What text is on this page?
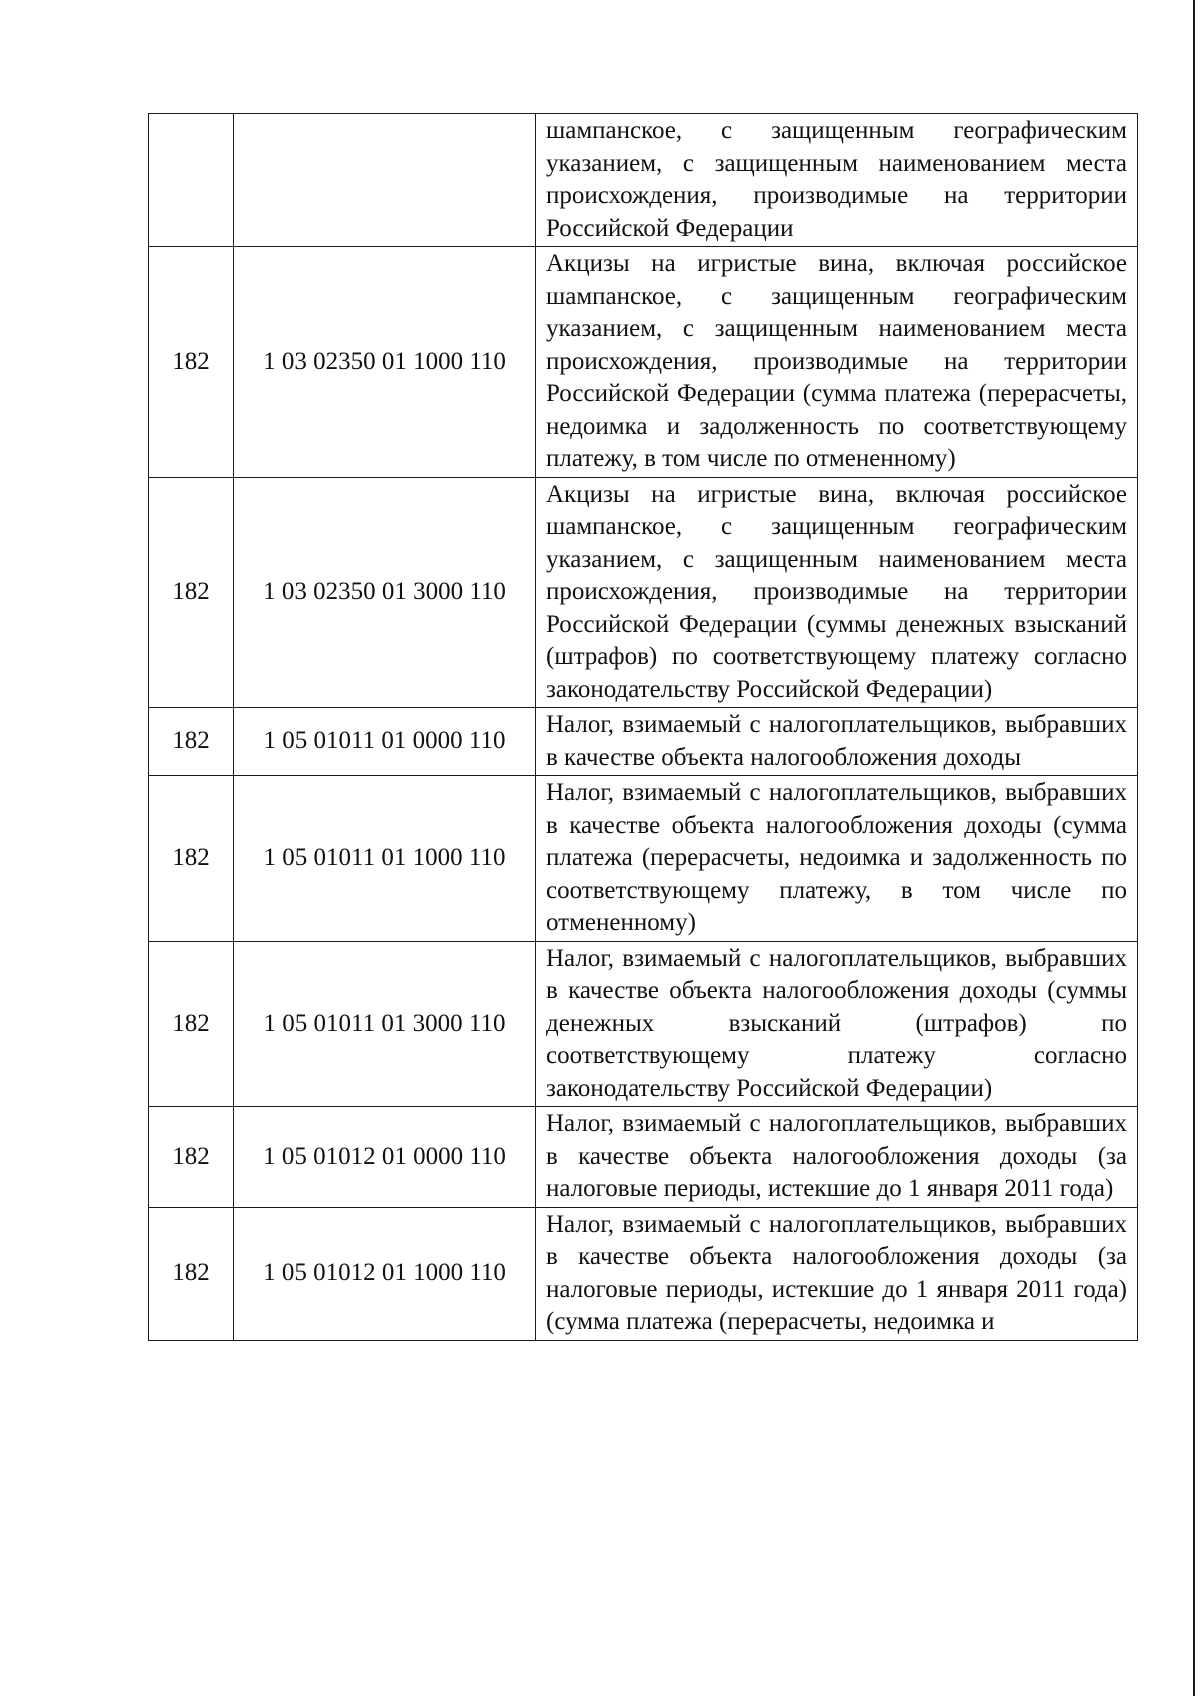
		шампанское, с защищенным географическим указанием, с защищенным наименованием места происхождения, производимые на территории Российской Федерации

182	1 03 02350 01 1000 110	Акцизы на игристые вина, включая российское шампанское, с защищенным географическим указанием, с защищенным наименованием места происхождения, производимые на территории Российской Федерации (сумма платежа (перерасчеты, недоимка и задолженность по соответствующему платежу, в том числе по отмененному)

182	1 03 02350 01 3000 110	Акцизы на игристые вина, включая российское шампанское, с защищенным географическим указанием, с защищенным наименованием места происхождения, производимые на территории Российской Федерации (суммы денежных взысканий (штрафов) по соответствующему платежу согласно законодательству Российской Федерации)

182	1 05 01011 01 0000 110	Налог, взимаемый с налогоплательщиков, выбравших в качестве объекта налогообложения доходы

182	1 05 01011 01 1000 110	Налог, взимаемый с налогоплательщиков, выбравших в качестве объекта налогообложения доходы (сумма платежа (перерасчеты, недоимка и задолженность по соответствующему платежу, в том числе по отмененному)

182	1 05 01011 01 3000 110	Налог, взимаемый с налогоплательщиков, выбравших в качестве объекта налогообложения доходы (суммы денежных взысканий (штрафов) по соответствующему платежу согласно законодательству Российской Федерации)

182	1 05 01012 01 0000 110	Налог, взимаемый с налогоплательщиков, выбравших в качестве объекта налогообложения доходы (за налоговые периоды, истекшие до 1 января 2011 года)

182	1 05 01012 01 1000 110	Налог, взимаемый с налогоплательщиков, выбравших в качестве объекта налогообложения доходы (за налоговые периоды, истекшие до 1 января 2011 года) (сумма платежа (перерасчеты, недоимка и
